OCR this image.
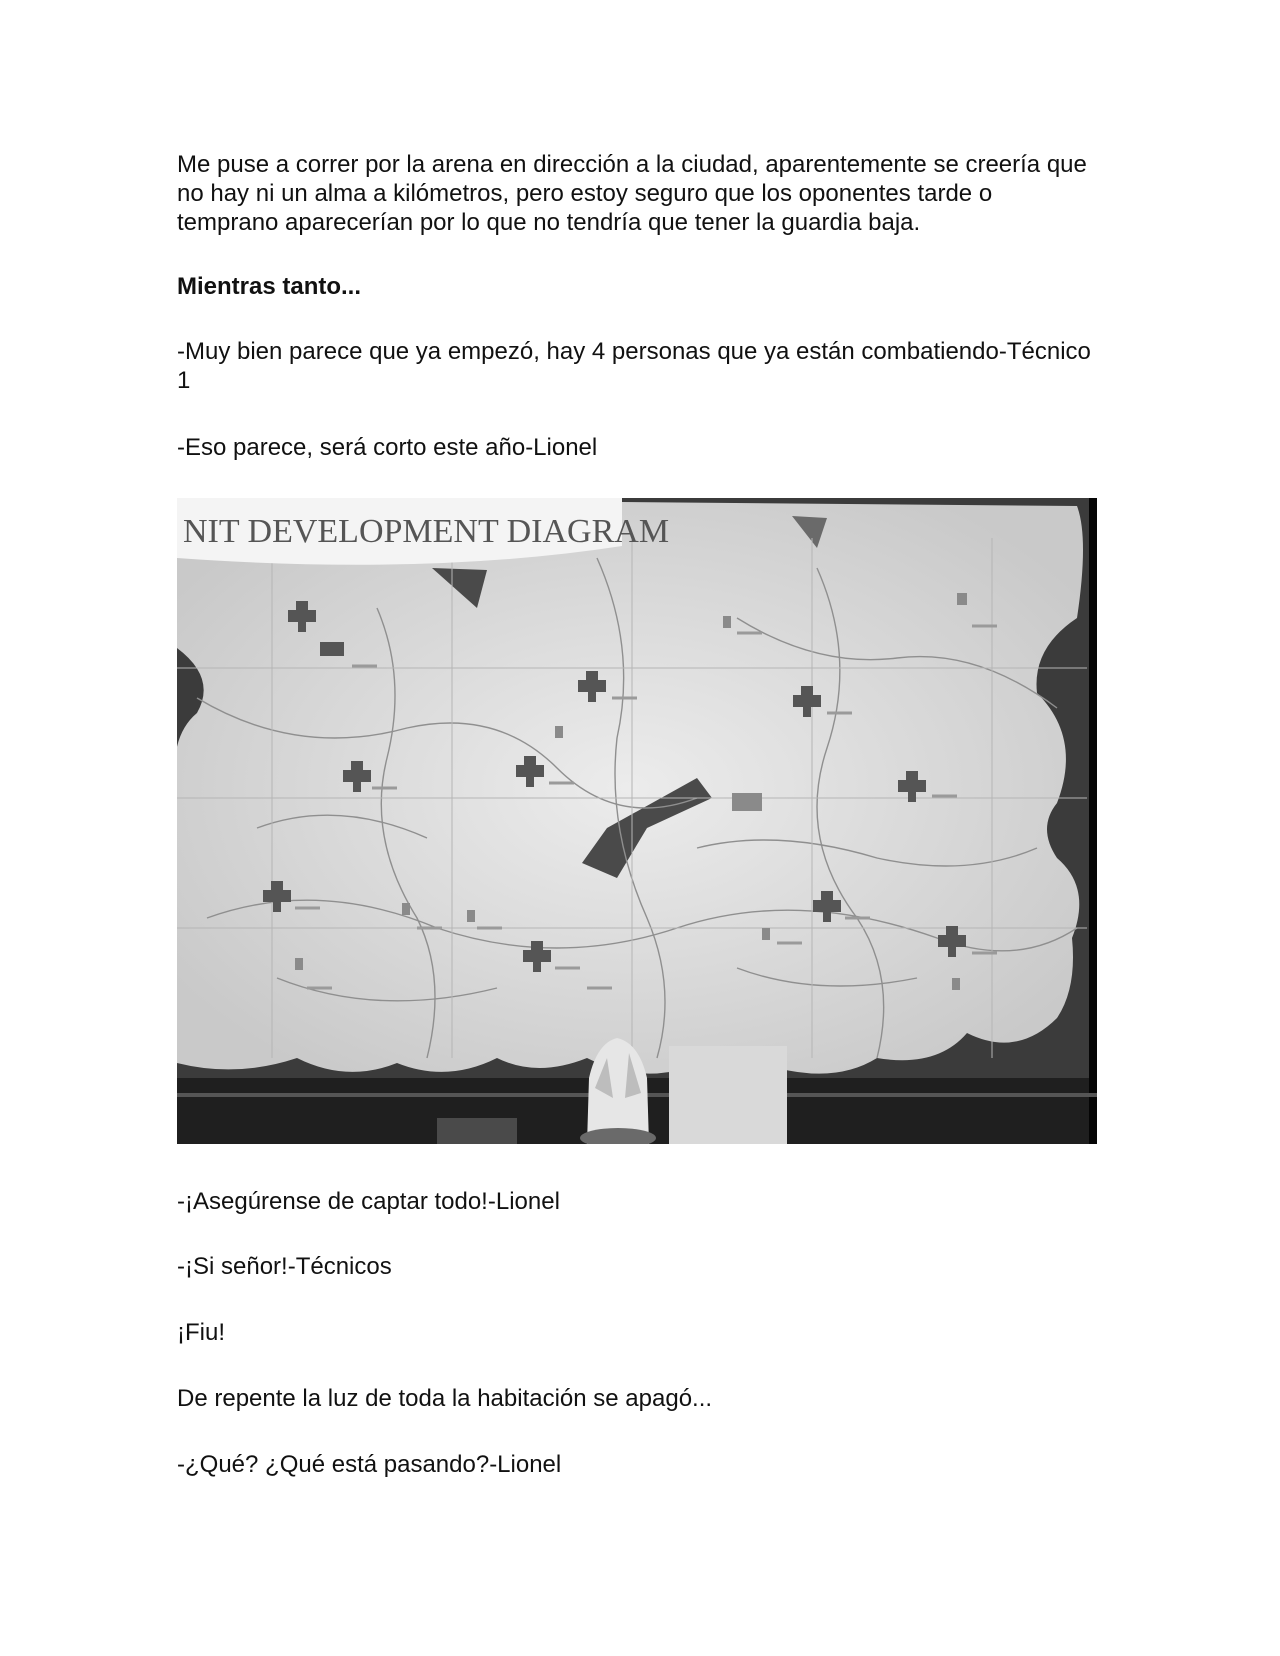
Me puse a correr por la arena en dirección a la ciudad, aparentemente se creería que no hay ni un alma a kilómetros, pero estoy seguro que los oponentes tarde o temprano aparecerían por lo que no tendría que tener la guardia baja.

Mientras tanto...

-Muy bien parece que ya empezó, hay 4 personas que ya están combatiendo-Técnico 1

-Eso parece, será corto este año-Lionel

NIT DEVELOPMENT DIAGRAM

-¡Asegúrense de captar todo!-Lionel

-¡Si señor!-Técnicos

¡Fiu!

De repente la luz de toda la habitación se apagó...

-¿Qué? ¿Qué está pasando?-Lionel
